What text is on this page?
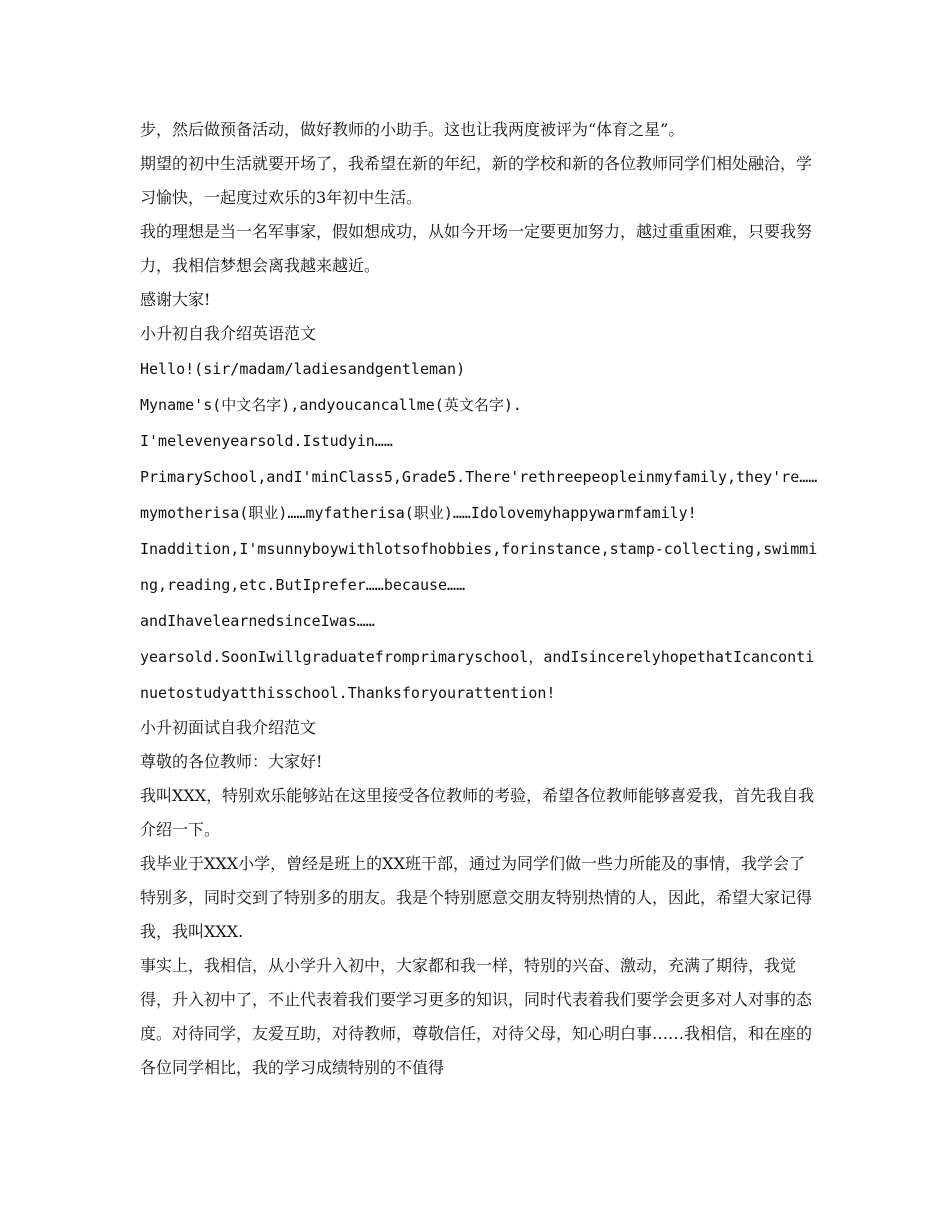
步，然后做预备活动，做好教师的小助手。这也让我两度被评为“体育之星”。

期望的初中生活就要开场了，我希望在新的年纪，新的学校和新的各位教师同学们相处融洽，学习愉快，一起度过欢乐的3年初中生活。

我的理想是当一名军事家，假如想成功，从如今开场一定要更加努力，越过重重困难，只要我努力，我相信梦想会离我越来越近。

感谢大家!

小升初自我介绍英语范文

Hello!(sir/madam/ladiesandgentleman)

Myname's(中文名字),andyoucancallme(英文名字).

I'melevenyearsold.Istudyin……

PrimarySchool,andI'minClass5,Grade5.There'rethreepeopleinmyfamily,they're……mymotherisa(职业)……myfatherisa(职业)……Idolovemyhappywarmfamily!

Inaddition,I'msunnyboywithlotsofhobbies,forinstance,stamp-collecting,swimming,reading,etc.ButIprefer……because……

andIhavelearnedsinceIwas……

yearsold.SoonIwillgraduatefromprimaryschool，andIsincerelyhopethatIcancontinuetostudyatthisschool.Thanksforyourattention!

小升初面试自我介绍范文

尊敬的各位教师：大家好!

我叫XXX，特别欢乐能够站在这里接受各位教师的考验，希望各位教师能够喜爱我，首先我自我介绍一下。

我毕业于XXX小学，曾经是班上的XX班干部，通过为同学们做一些力所能及的事情，我学会了特别多，同时交到了特别多的朋友。我是个特别愿意交朋友特别热情的人，因此，希望大家记得我，我叫XXX.

事实上，我相信，从小学升入初中，大家都和我一样，特别的兴奋、激动，充满了期待，我觉得，升入初中了，不止代表着我们要学习更多的知识，同时代表着我们要学会更多对人对事的态度。对待同学，友爱互助，对待教师，尊敬信任，对待父母，知心明白事……我相信，和在座的各位同学相比，我的学习成绩特别的不值得
